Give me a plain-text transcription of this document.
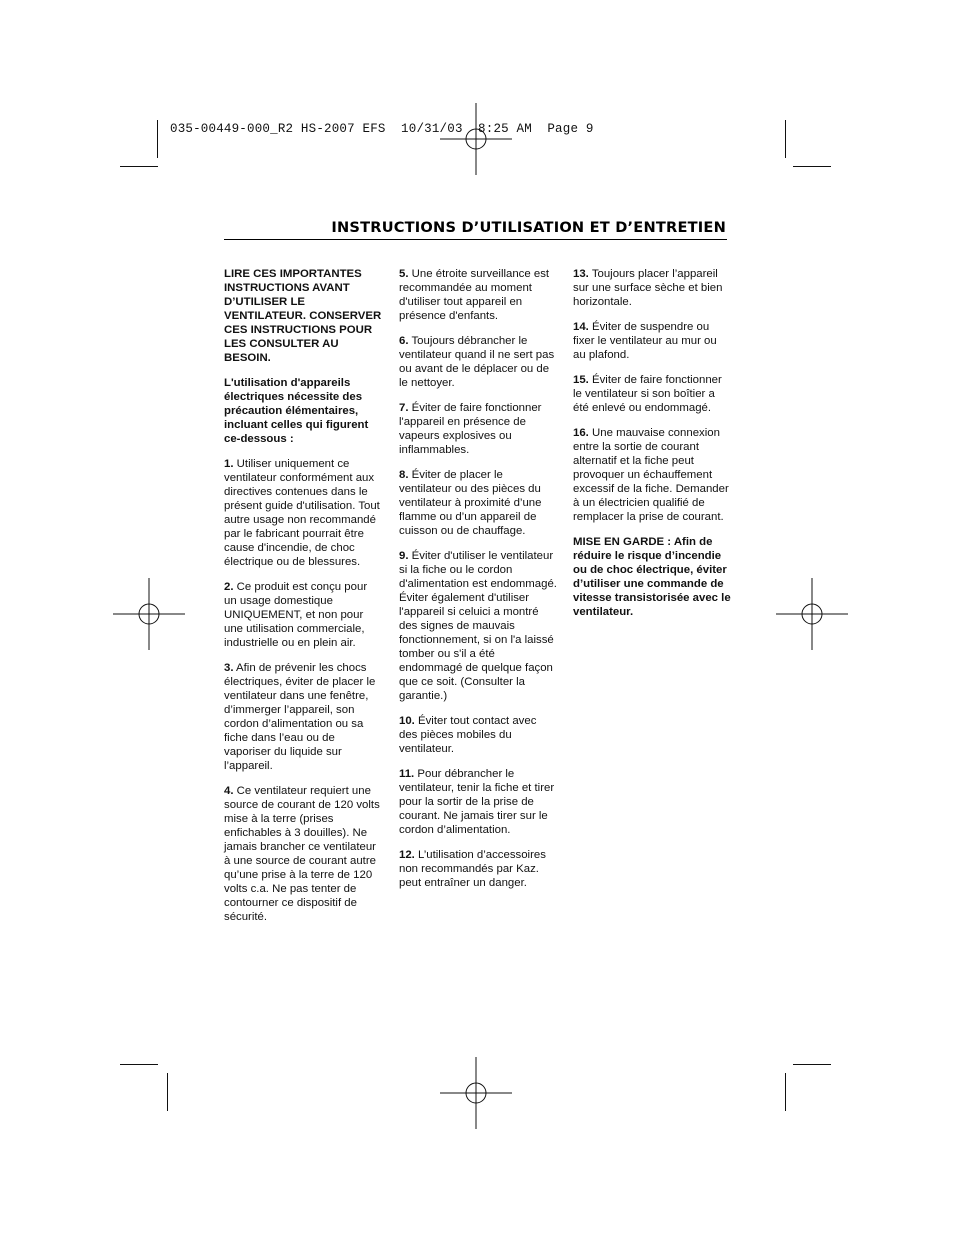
035-00449-000_R2 HS-2007 EFS  10/31/03  8:25 AM  Page 9
INSTRUCTIONS D’UTILISATION ET D’ENTRETIEN

LIRE CES IMPORTANTES INSTRUCTIONS AVANT D’UTILISER LE VENTILATEUR. CONSERVER CES INSTRUCTIONS POUR LES CONSULTER AU BESOIN.

L'utilisation d'appareils électriques nécessite des précaution élémentaires, incluant celles qui figurent ce-dessous :

1. Utiliser uniquement ce ventilateur conformément aux directives contenues dans le présent guide d'utilisation. Tout autre usage non recommandé par le fabricant pourrait être cause d'incendie, de choc électrique ou de blessures.

2. Ce produit est conçu pour un usage domestique UNIQUEMENT, et non pour une utilisation commerciale, industrielle ou en plein air.

3. Afin de prévenir les chocs électriques, éviter de placer le ventilateur dans une fenêtre, d’immerger l’appareil, son cordon d’alimentation ou sa fiche dans l’eau ou de vaporiser du liquide sur l’appareil.

4. Ce ventilateur requiert une source de courant de 120 volts mise à la terre (prises enfichables à 3 douilles). Ne jamais brancher ce ventilateur à une source de courant autre qu’une prise à la terre de 120 volts c.a. Ne pas tenter de contourner ce dispositif de sécurité.

5. Une étroite surveillance est recommandée au moment d'utiliser tout appareil en présence d'enfants.

6. Toujours débrancher le ventilateur quand il ne sert pas ou avant de le déplacer ou de le nettoyer.

7. Éviter de faire fonctionner l'appareil en présence de vapeurs explosives ou inflammables.

8. Éviter de placer le ventilateur ou des pièces du ventilateur à proximité d’une flamme ou d’un appareil de cuisson ou de chauffage.

9. Éviter d'utiliser le ventilateur si la fiche ou le cordon d'alimentation est endommagé. Éviter également d'utiliser l'appareil si celuici a montré des signes de mauvais fonctionnement, si on l'a laissé tomber ou s'il a été endommagé de quelque façon que ce soit. (Consulter la garantie.)

10. Éviter tout contact avec des pièces mobiles du ventilateur.

11. Pour débrancher le ventilateur, tenir la fiche et tirer pour la sortir de la prise de courant. Ne jamais tirer sur le cordon d’alimentation.

12. L’utilisation d’accessoires non recommandés par Kaz. peut entraîner un danger.

13. Toujours placer l’appareil sur une surface sèche et bien horizontale.

14. Éviter de suspendre ou fixer le ventilateur au mur ou au plafond.

15. Éviter de faire fonctionner le ventilateur si son boîtier a été enlevé ou endommagé.

16. Une mauvaise connexion entre la sortie de courant alternatif et la fiche peut provoquer un échauffement excessif de la fiche. Demander à un électricien qualifié de remplacer la prise de courant.

MISE EN GARDE : Afin de réduire le risque d’incendie ou de choc électrique, éviter d’utiliser une commande de vitesse transistorisée avec le ventilateur.
